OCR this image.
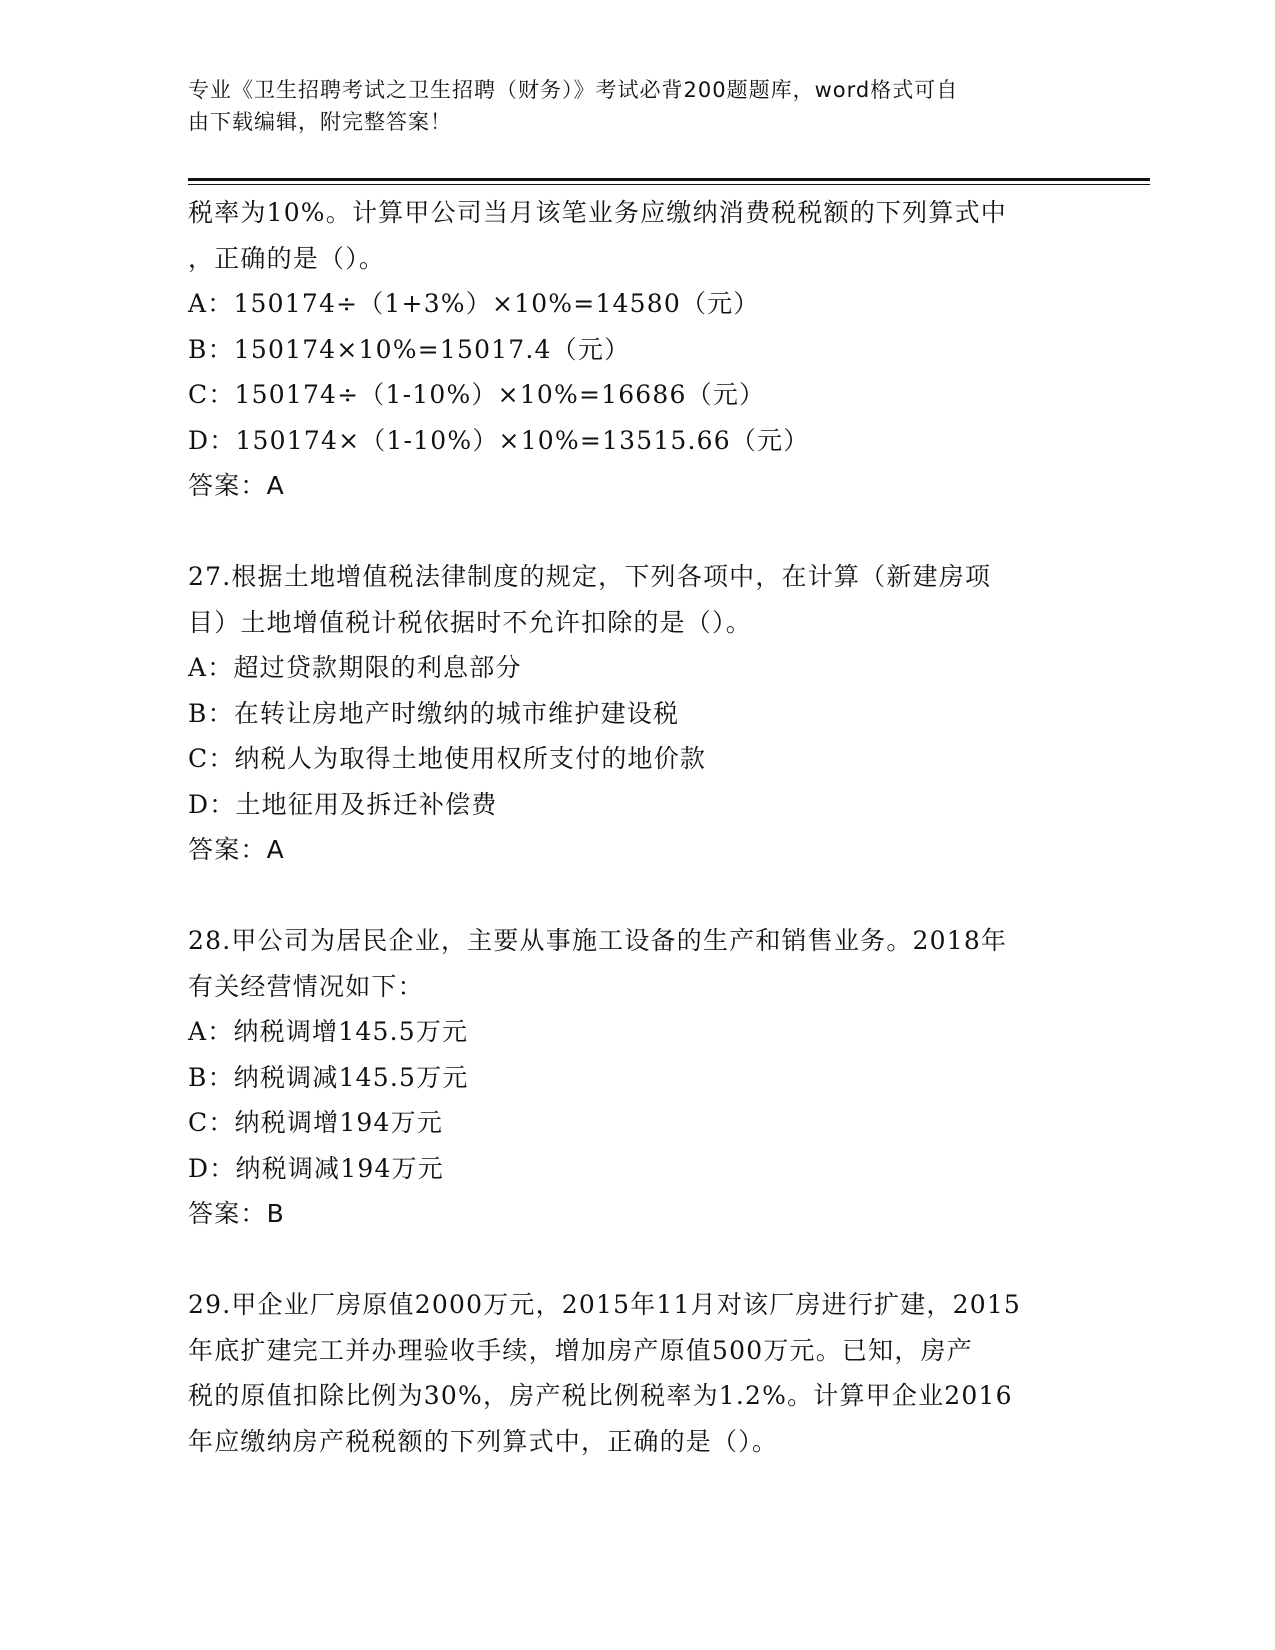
专业《卫生招聘考试之卫生招聘（财务）》考试必背200题题库，word格式可自
由下载编辑，附完整答案！
税率为10%。计算甲公司当月该笔业务应缴纳消费税税额的下列算式中
，正确的是（）。
A：150174÷（1+3%）×10%=14580（元）
B：150174×10%=15017.4（元）
C：150174÷（1-10%）×10%=16686（元）
D：150174×（1-10%）×10%=13515.66（元）
答案：A
27.根据土地增值税法律制度的规定，下列各项中，在计算（新建房项
目）土地增值税计税依据时不允许扣除的是（）。
A：超过贷款期限的利息部分
B：在转让房地产时缴纳的城市维护建设税
C：纳税人为取得土地使用权所支付的地价款
D：土地征用及拆迁补偿费
答案：A
28.甲公司为居民企业，主要从事施工设备的生产和销售业务。2018年
有关经营情况如下：
A：纳税调增145.5万元
B：纳税调减145.5万元
C：纳税调增194万元
D：纳税调减194万元
答案：B
29.甲企业厂房原值2000万元，2015年11月对该厂房进行扩建，2015
年底扩建完工并办理验收手续，增加房产原值500万元。已知，房产
税的原值扣除比例为30%，房产税比例税率为1.2%。计算甲企业2016
年应缴纳房产税税额的下列算式中，正确的是（）。
